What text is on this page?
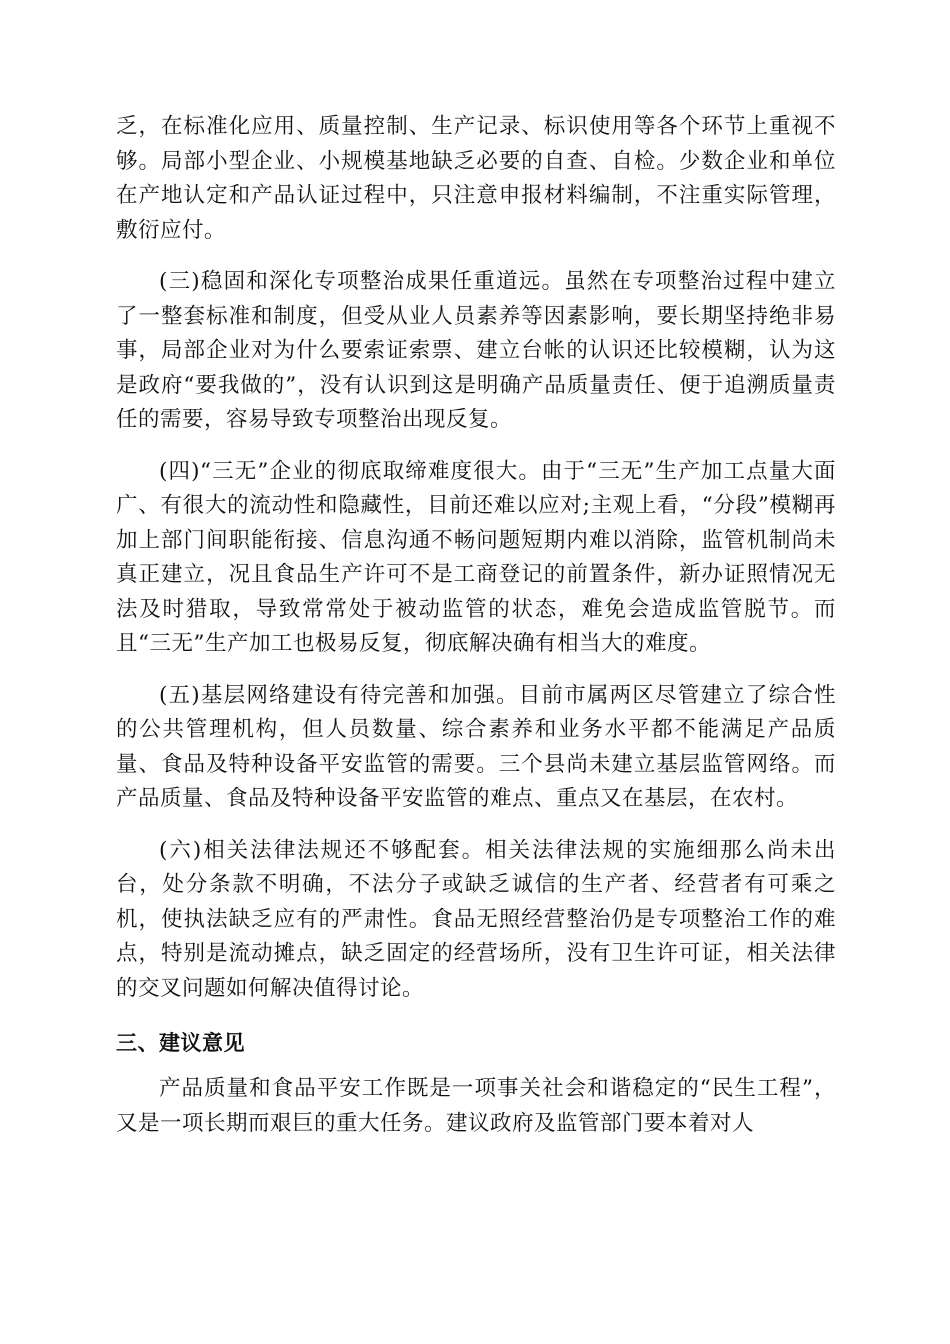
乏，在标准化应用、质量控制、生产记录、标识使用等各个环节上重视不够。局部小型企业、小规模基地缺乏必要的自查、自检。少数企业和单位在产地认定和产品认证过程中，只注意申报材料编制，不注重实际管理，敷衍应付。

(三)稳固和深化专项整治成果任重道远。虽然在专项整治过程中建立了一整套标准和制度，但受从业人员素养等因素影响，要长期坚持绝非易事，局部企业对为什么要索证索票、建立台帐的认识还比较模糊，认为这是政府“要我做的”，没有认识到这是明确产品质量责任、便于追溯质量责任的需要，容易导致专项整治出现反复。

(四)“三无”企业的彻底取缔难度很大。由于“三无”生产加工点量大面广、有很大的流动性和隐藏性，目前还难以应对;主观上看，“分段”模糊再加上部门间职能衔接、信息沟通不畅问题短期内难以消除，监管机制尚未真正建立，况且食品生产许可不是工商登记的前置条件，新办证照情况无法及时猎取，导致常常处于被动监管的状态，难免会造成监管脱节。而且“三无”生产加工也极易反复，彻底解决确有相当大的难度。

(五)基层网络建设有待完善和加强。目前市属两区尽管建立了综合性的公共管理机构，但人员数量、综合素养和业务水平都不能满足产品质量、食品及特种设备平安监管的需要。三个县尚未建立基层监管网络。而产品质量、食品及特种设备平安监管的难点、重点又在基层，在农村。

(六)相关法律法规还不够配套。相关法律法规的实施细那么尚未出台，处分条款不明确，不法分子或缺乏诚信的生产者、经营者有可乘之机，使执法缺乏应有的严肃性。食品无照经营整治仍是专项整治工作的难点，特别是流动摊点，缺乏固定的经营场所，没有卫生许可证，相关法律的交叉问题如何解决值得讨论。

三、建议意见

产品质量和食品平安工作既是一项事关社会和谐稳定的“民生工程”，又是一项长期而艰巨的重大任务。建议政府及监管部门要本着对人
